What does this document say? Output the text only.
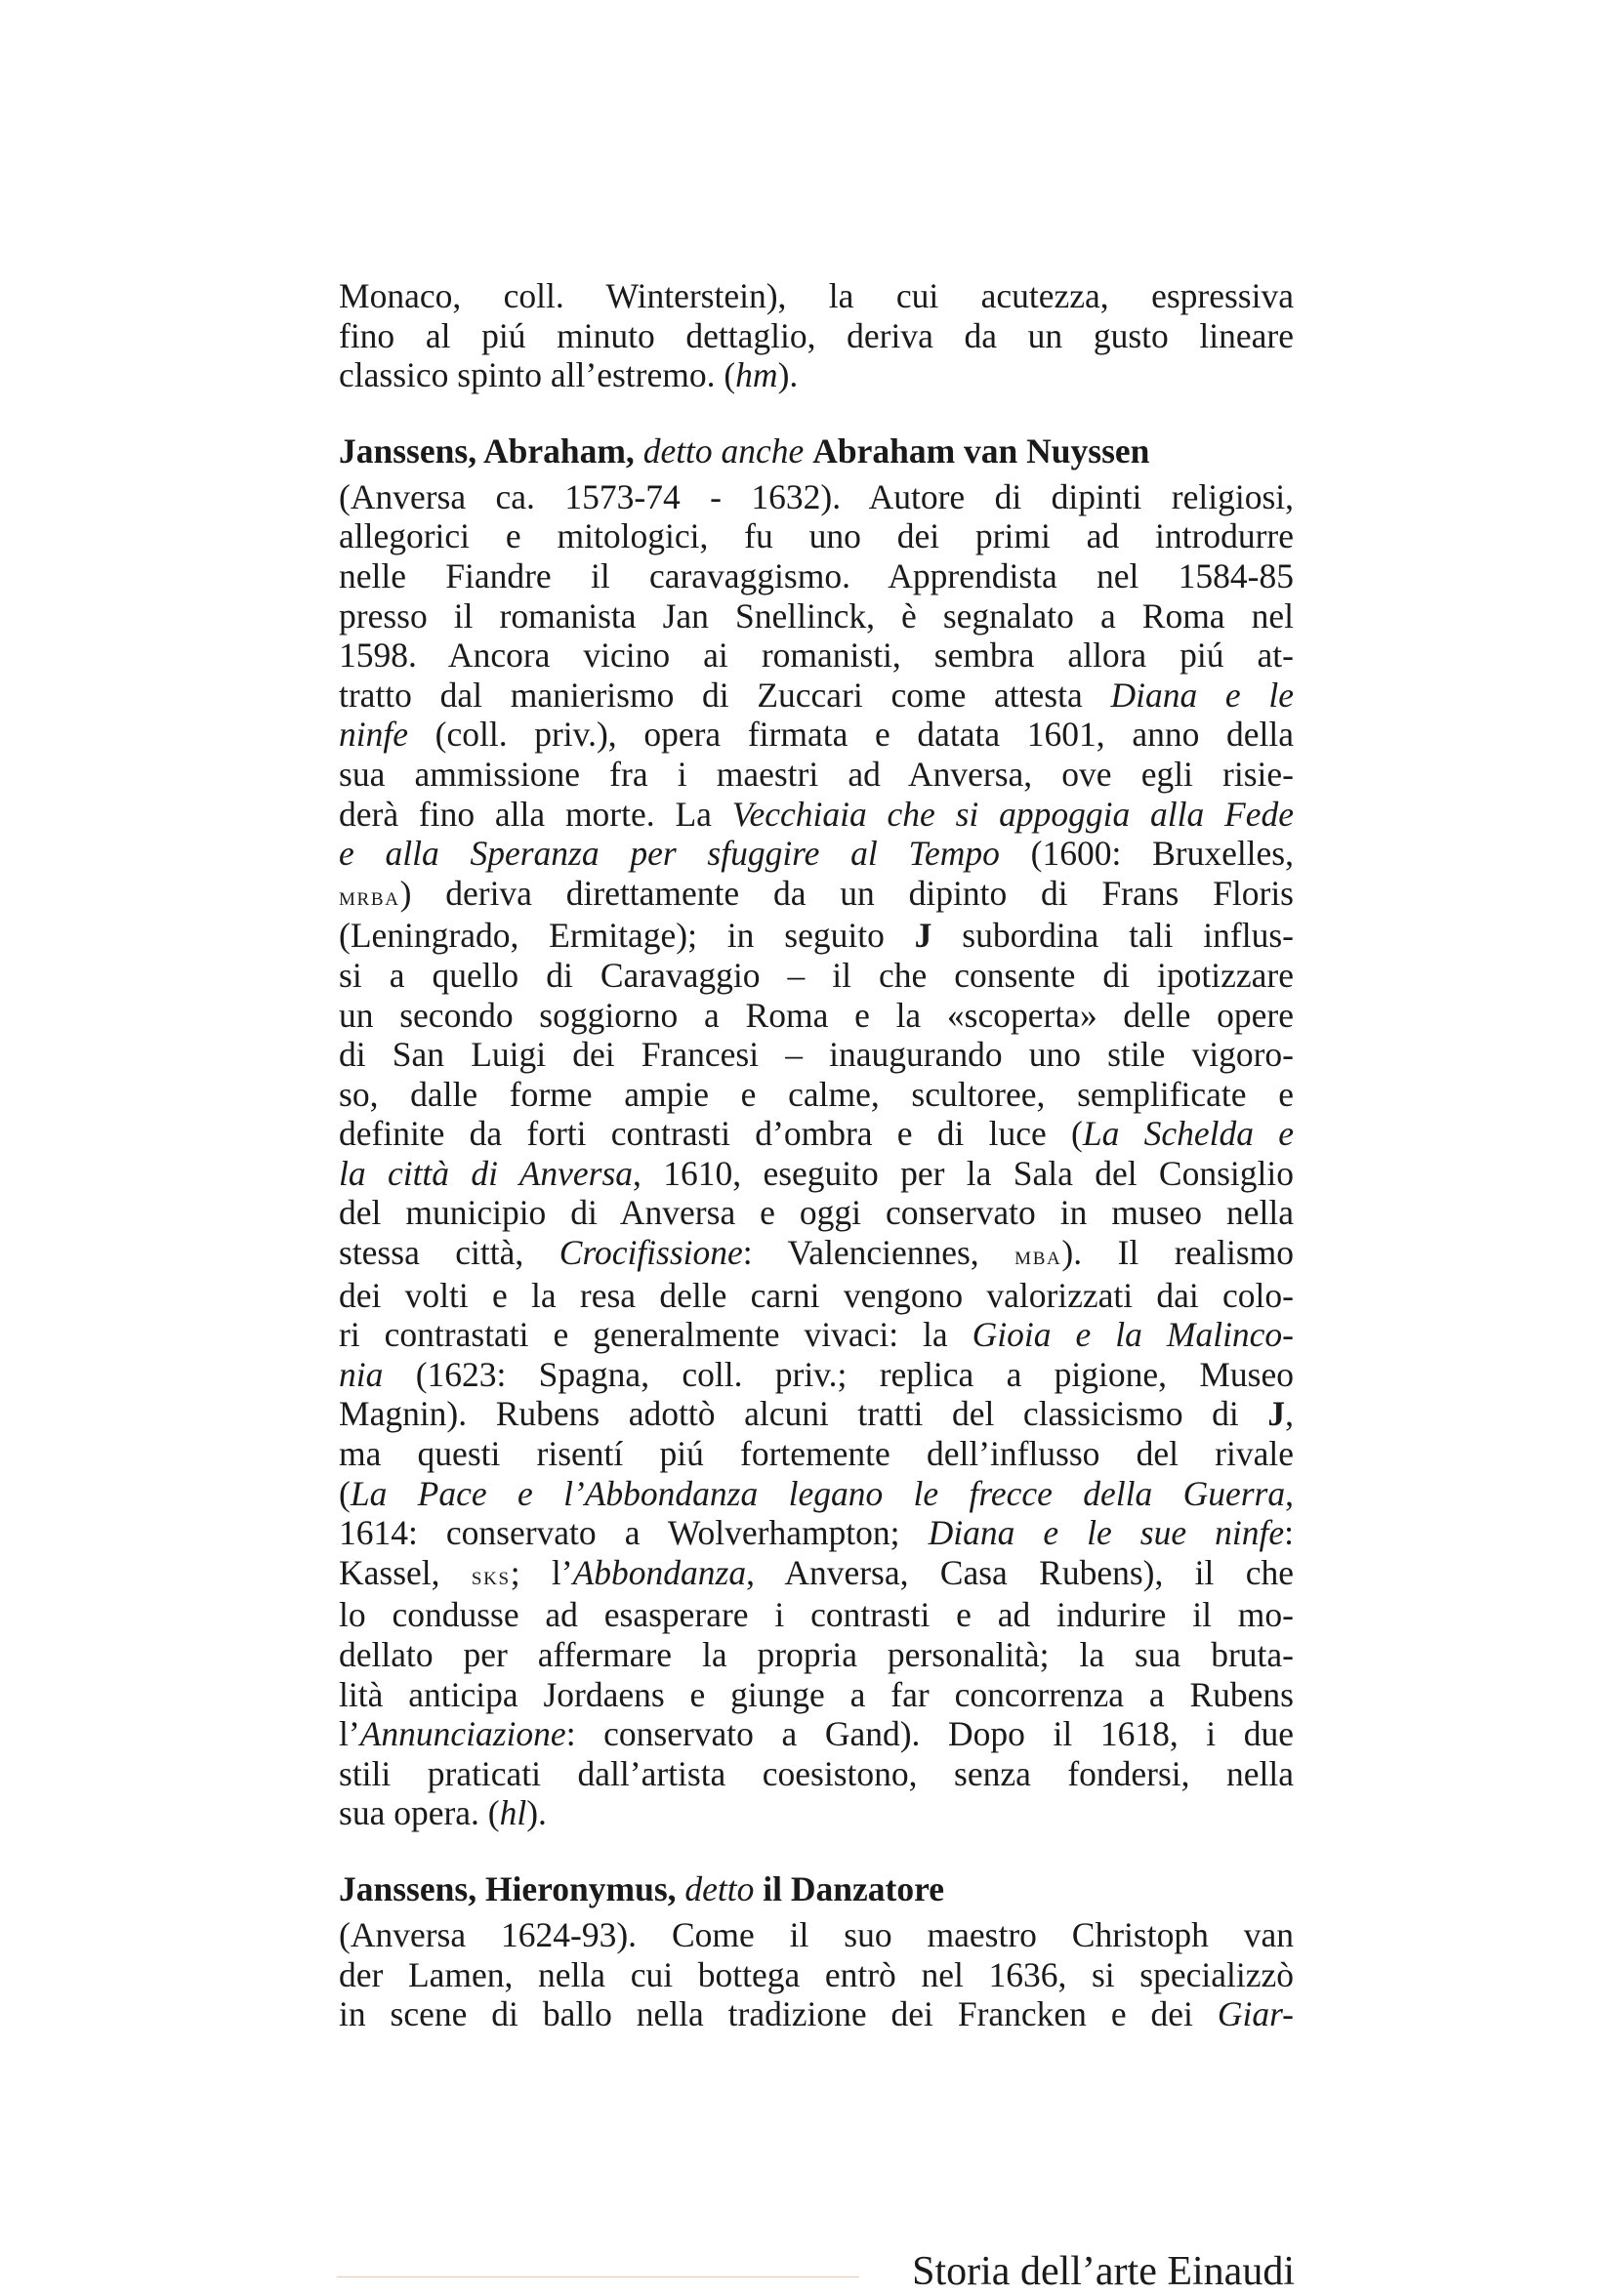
Monaco, coll. Winterstein), la cui acutezza, espressiva
fino al piú minuto dettaglio, deriva da un gusto lineare
classico spinto all’estremo. (hm).
Janssens, Abraham, detto anche Abraham van Nuyssen
(Anversa ca. 1573-74 - 1632). Autore di dipinti religiosi,
allegorici e mitologici, fu uno dei primi ad introdurre
nelle Fiandre il caravaggismo. Apprendista nel 1584-85
presso il romanista Jan Snellinck, è segnalato a Roma nel
1598. Ancora vicino ai romanisti, sembra allora piú at-
tratto dal manierismo di Zuccari come attesta Diana e le
ninfe (coll. priv.), opera firmata e datata 1601, anno della
sua ammissione fra i maestri ad Anversa, ove egli risie-
derà fino alla morte. La Vecchiaia che si appoggia alla Fede
e alla Speranza per sfuggire al Tempo (1600: Bruxelles,
mrba) deriva direttamente da un dipinto di Frans Floris
(Leningrado, Ermitage); in seguito J subordina tali influs-
si a quello di Caravaggio – il che consente di ipotizzare
un secondo soggiorno a Roma e la «scoperta» delle opere
di San Luigi dei Francesi – inaugurando uno stile vigoro-
so, dalle forme ampie e calme, scultoree, semplificate e
definite da forti contrasti d’ombra e di luce (La Schelda e
la città di Anversa, 1610, eseguito per la Sala del Consiglio
del municipio di Anversa e oggi conservato in museo nella
stessa città, Crocifissione: Valenciennes, mba). Il realismo
dei volti e la resa delle carni vengono valorizzati dai colo-
ri contrastati e generalmente vivaci: la Gioia e la Malinco-
nia (1623: Spagna, coll. priv.; replica a pigione, Museo
Magnin). Rubens adottò alcuni tratti del classicismo di J,
ma questi risentí piú fortemente dell’influsso del rivale
(La Pace e l’Abbondanza legano le frecce della Guerra,
1614: conservato a Wolverhampton; Diana e le sue ninfe:
Kassel, sks; l’Abbondanza, Anversa, Casa Rubens), il che
lo condusse ad esasperare i contrasti e ad indurire il mo-
dellato per affermare la propria personalità; la sua bruta-
lità anticipa Jordaens e giunge a far concorrenza a Rubens
l’Annunciazione: conservato a Gand). Dopo il 1618, i due
stili praticati dall’artista coesistono, senza fondersi, nella
sua opera. (hl).
Janssens, Hieronymus, detto il Danzatore
(Anversa 1624-93). Come il suo maestro Christoph van
der Lamen, nella cui bottega entrò nel 1636, si specializzò
in scene di ballo nella tradizione dei Francken e dei Giar-
Storia dell’arte Einaudi
